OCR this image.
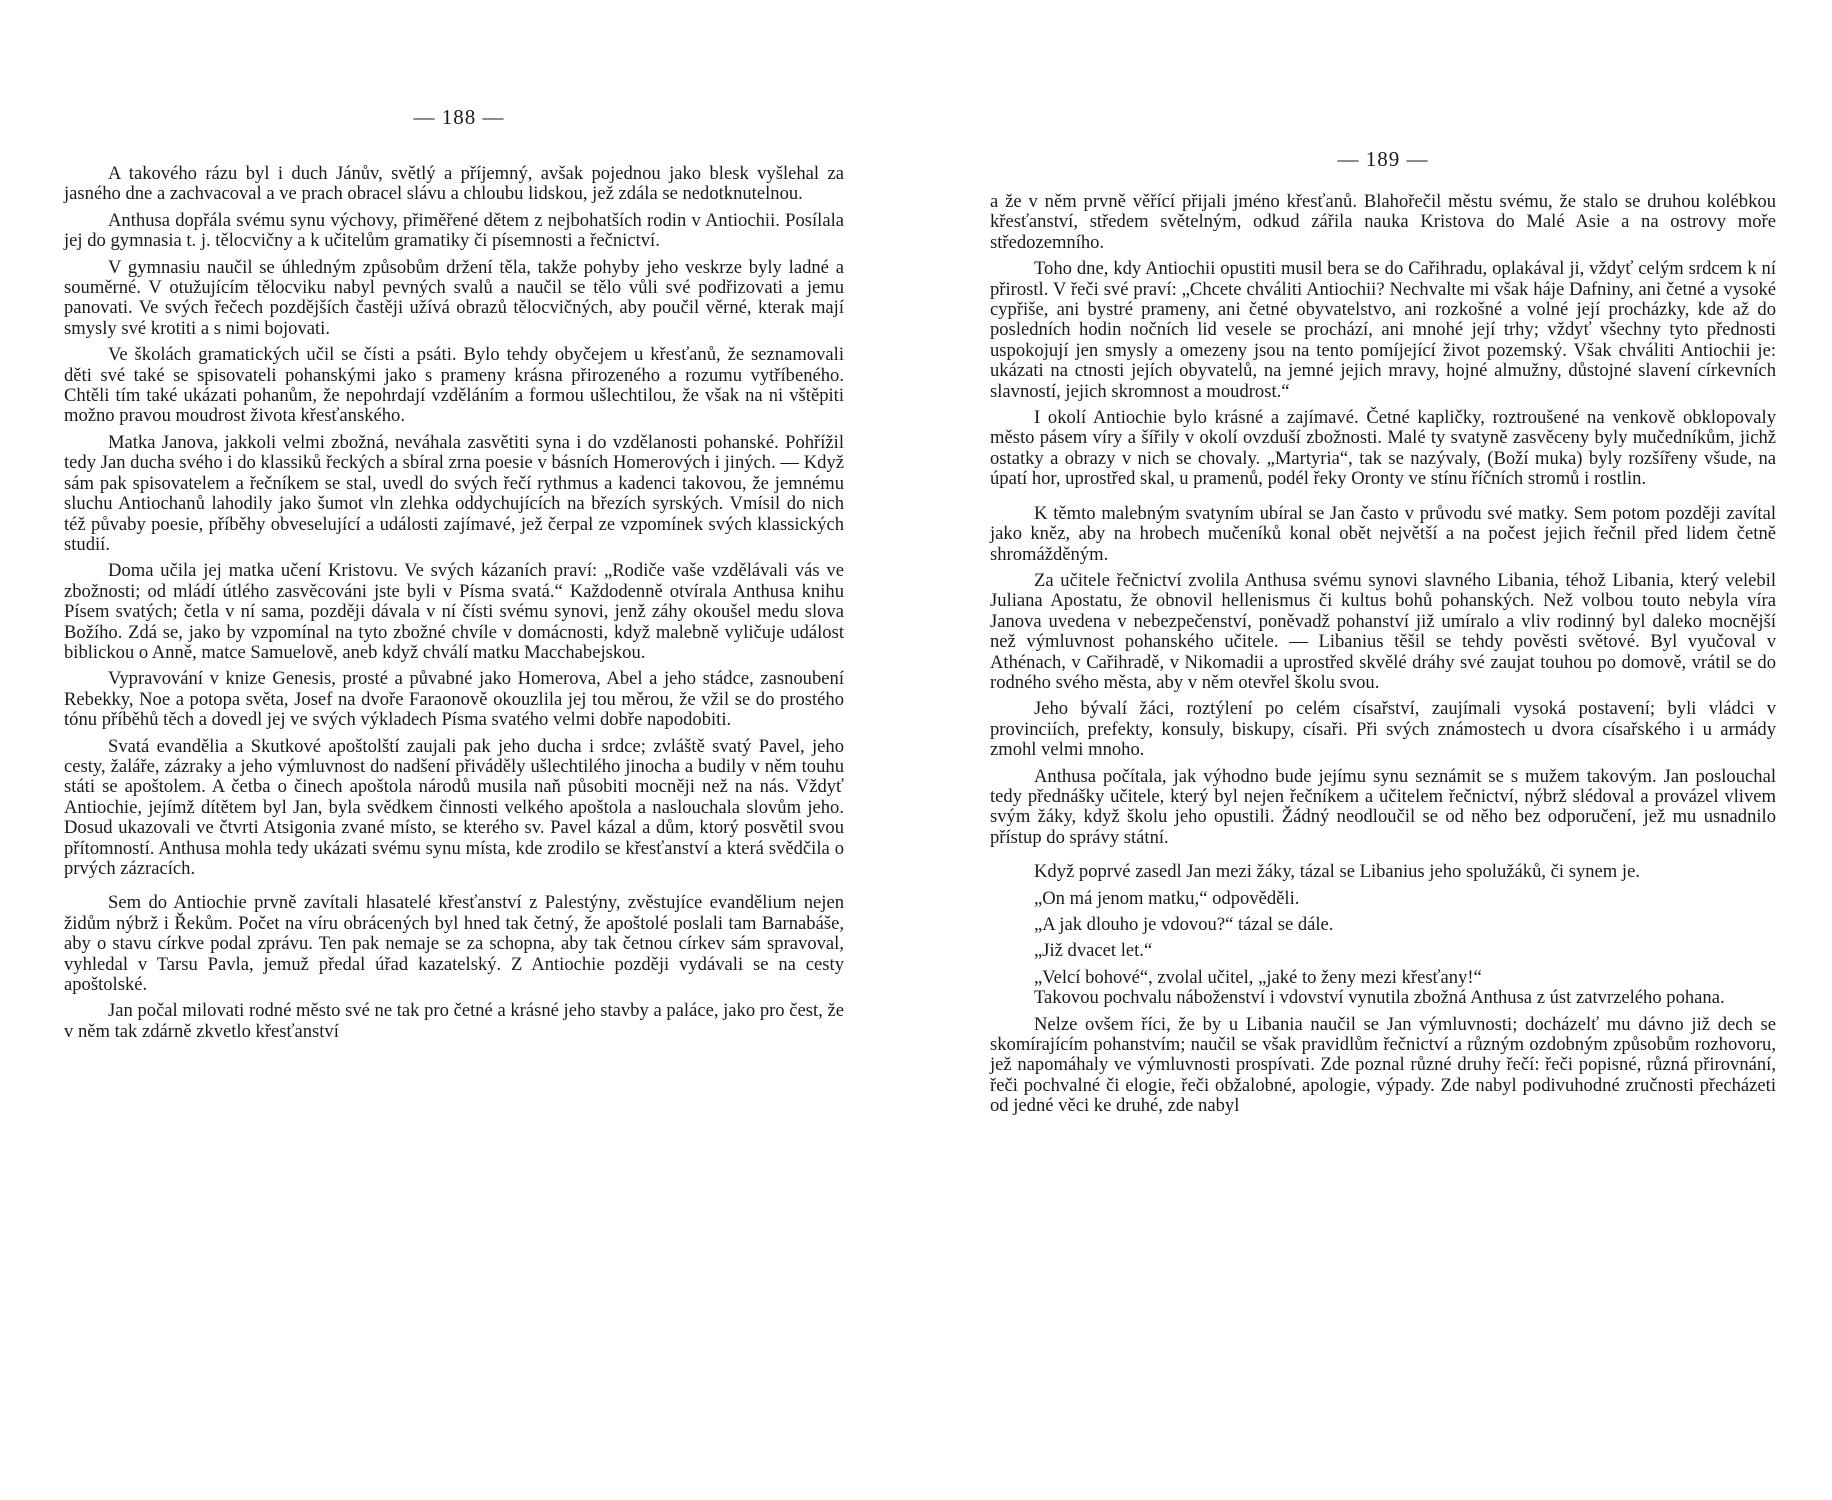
— 188 —

A takového rázu byl i duch Jánův, světlý a příjemný, avšak pojednou jako blesk vyšlehal za jasného dne a zachvacoval a ve prach obracel slávu a chloubu lidskou, jež zdála se nedotknutelnou.

Anthusa dopřála svému synu výchovy, přiměřené dětem z nejbohatších rodin v Antiochii. Posílala jej do gymnasia t. j. tělocvičny a k učitelům gramatiky či písemnosti a řečnictví.

V gymnasiu naučil se úhledným způsobům držení těla, takže pohyby jeho veskrze byly ladné a souměrné. V otužujícím tělocviku nabyl pevných svalů a naučil se tělo vůli své podřizovati a jemu panovati. Ve svých řečech pozdějších častěji užívá obrazů tělocvičných, aby poučil věrné, kterak mají smysly své krotiti a s nimi bojovati.

Ve školách gramatických učil se čísti a psáti. Bylo tehdy obyčejem u křesťanů, že seznamovali děti své také se spisovateli pohanskými jako s prameny krásna přirozeného a rozumu vytříbeného. Chtěli tím také ukázati pohanům, že nepohrdají vzděláním a formou ušlechtilou, že však na ni vštěpiti možno pravou moudrost života křesťanského.

Matka Janova, jakkoli velmi zbožná, neváhala zasvětiti syna i do vzdělanosti pohanské. Pohřížil tedy Jan ducha svého i do klassiků řeckých a sbíral zrna poesie v básních Homerových i jiných. — Když sám pak spisovatelem a řečníkem se stal, uvedl do svých řečí rythmus a kadenci takovou, že jemnému sluchu Antiochanů lahodily jako šumot vln zlehka oddychujících na březích syrských. Vmísil do nich též půvaby poesie, příběhy obveselující a události zajímavé, jež čerpal ze vzpomínek svých klassických studií.

Doma učila jej matka učení Kristovu. Ve svých kázaních praví: „Rodiče vaše vzdělávali vás ve zbožnosti; od mládí útlého zasvěcováni jste byli v Písma svatá.“ Každodenně otvírala Anthusa knihu Písem svatých; četla v ní sama, později dávala v ní čísti svému synovi, jenž záhy okoušel medu slova Božího. Zdá se, jako by vzpomínal na tyto zbožné chvíle v domácnosti, když malebně vyličuje událost biblickou o Anně, matce Samuelově, aneb když chválí matku Macchabejskou.

Vypravování v knize Genesis, prosté a půvabné jako Homerova, Abel a jeho stádce, zasnoubení Rebekky, Noe a potopa světa, Josef na dvoře Faraonově okouzlila jej tou měrou, že vžil se do prostého tónu příběhů těch a dovedl jej ve svých výkladech Písma svatého velmi dobře napodobiti.

Svatá evandělia a Skutkové apoštolští zaujali pak jeho ducha i srdce; zvláště svatý Pavel, jeho cesty, žaláře, zázraky a jeho výmluvnost do nadšení přiváděly ušlechtilého jinocha a budily v něm touhu státi se apoštolem. A četba o činech apoštola národů musila naň působiti mocněji než na nás. Vždyť Antiochie, jejímž dítětem byl Jan, byla svědkem činnosti velkého apoštola a naslouchala slovům jeho. Dosud ukazovali ve čtvrti Atsigonia zvané místo, se kterého sv. Pavel kázal a dům, ktorý posvětil svou přítomností. Anthusa mohla tedy ukázati svému synu místa, kde zrodilo se křesťanství a která svědčila o prvých zázracích.

Sem do Antiochie prvně zavítali hlasatelé křesťanství z Palestýny, zvěstujíce evandělium nejen židům nýbrž i Řekům. Počet na víru obrácených byl hned tak četný, že apoštolé poslali tam Barnabáše, aby o stavu církve podal zprávu. Ten pak nemaje se za schopna, aby tak četnou církev sám spravoval, vyhledal v Tarsu Pavla, jemuž předal úřad kazatelský. Z Antiochie později vydávali se na cesty apoštolské.

Jan počal milovati rodné město své ne tak pro četné a krásné jeho stavby a paláce, jako pro čest, že v něm tak zdárně zkvetlo křesťanství

— 189 —

a že v něm prvně věřící přijali jméno křesťanů. Blahořečil městu svému, že stalo se druhou kolébkou křesťanství, středem světelným, odkud zářila nauka Kristova do Malé Asie a na ostrovy moře středozemního.

Toho dne, kdy Antiochii opustiti musil bera se do Cařihradu, oplakával ji, vždyť celým srdcem k ní přirostl. V řeči své praví: „Chcete chváliti Antiochii? Nechvalte mi však háje Dafniny, ani četné a vysoké cypřiše, ani bystré prameny, ani četné obyvatelstvo, ani rozkošné a volné její procházky, kde až do posledních hodin nočních lid vesele se prochází, ani mnohé její trhy; vždyť všechny tyto přednosti uspokojují jen smysly a omezeny jsou na tento pomíjející život pozemský. Však chváliti Antiochii je: ukázati na ctnosti jejích obyvatelů, na jemné jejich mravy, hojné almužny, důstojné slavení církevních slavností, jejich skromnost a moudrost.“

I okolí Antiochie bylo krásné a zajímavé. Četné kapličky, roztroušené na venkově obklopovaly město pásem víry a šířily v okolí ovzduší zbožnosti. Malé ty svatyně zasvěceny byly mučedníkům, jichž ostatky a obrazy v nich se chovaly. „Martyria“, tak se nazývaly, (Boží muka) byly rozšířeny všude, na úpatí hor, uprostřed skal, u pramenů, podél řeky Oronty ve stínu říčních stromů i rostlin.

K těmto malebným svatyním ubíral se Jan často v průvodu své matky. Sem potom později zavítal jako kněz, aby na hrobech mučeníků konal obět největší a na počest jejich řečnil před lidem četně shromážděným.

Za učitele řečnictví zvolila Anthusa svému synovi slavného Libania, téhož Libania, který velebil Juliana Apostatu, že obnovil hellenismus či kultus bohů pohanských. Než volbou touto nebyla víra Janova uvedena v nebezpečenství, poněvadž pohanství již umíralo a vliv rodinný byl daleko mocnější než výmluvnost pohanského učitele. — Libanius těšil se tehdy pověsti světové. Byl vyučoval v Athénach, v Cařihradě, v Nikomadii a uprostřed skvělé dráhy své zaujat touhou po domově, vrátil se do rodného svého města, aby v něm otevřel školu svou.

Jeho bývalí žáci, roztýlení po celém císařství, zaujímali vysoká postavení; byli vládci v provinciích, prefekty, konsuly, biskupy, císaři. Při svých známostech u dvora císařského i u armády zmohl velmi mnoho.

Anthusa počítala, jak výhodno bude jejímu synu seznámit se s mužem takovým. Jan poslouchal tedy přednášky učitele, který byl nejen řečníkem a učitelem řečnictví, nýbrž slédoval a provázel vlivem svým žáky, když školu jeho opustili. Žádný neodloučil se od něho bez odporučení, jež mu usnadnilo přístup do správy státní.

Když poprvé zasedl Jan mezi žáky, tázal se Libanius jeho spolužáků, či synem je.

„On má jenom matku,“ odpověděli.

„A jak dlouho je vdovou?“ tázal se dále.

„Již dvacet let.“

„Velcí bohové“, zvolal učitel, „jaké to ženy mezi křesťany!“

Takovou pochvalu náboženství i vdovství vynutila zbožná Anthusa z úst zatvrzelého pohana.

Nelze ovšem říci, že by u Libania naučil se Jan výmluvnosti; docházelť mu dávno již dech se skomírajícím pohanstvím; naučil se však pravidlům řečnictví a různým ozdobným způsobům rozhovoru, jež napomáhaly ve výmluvnosti prospívati. Zde poznal různé druhy řečí: řeči popisné, různá přirovnání, řeči pochvalné či elogie, řeči obžalobné, apologie, výpady. Zde nabyl podivuhodné zručnosti přecházeti od jedné věci ke druhé, zde nabyl
